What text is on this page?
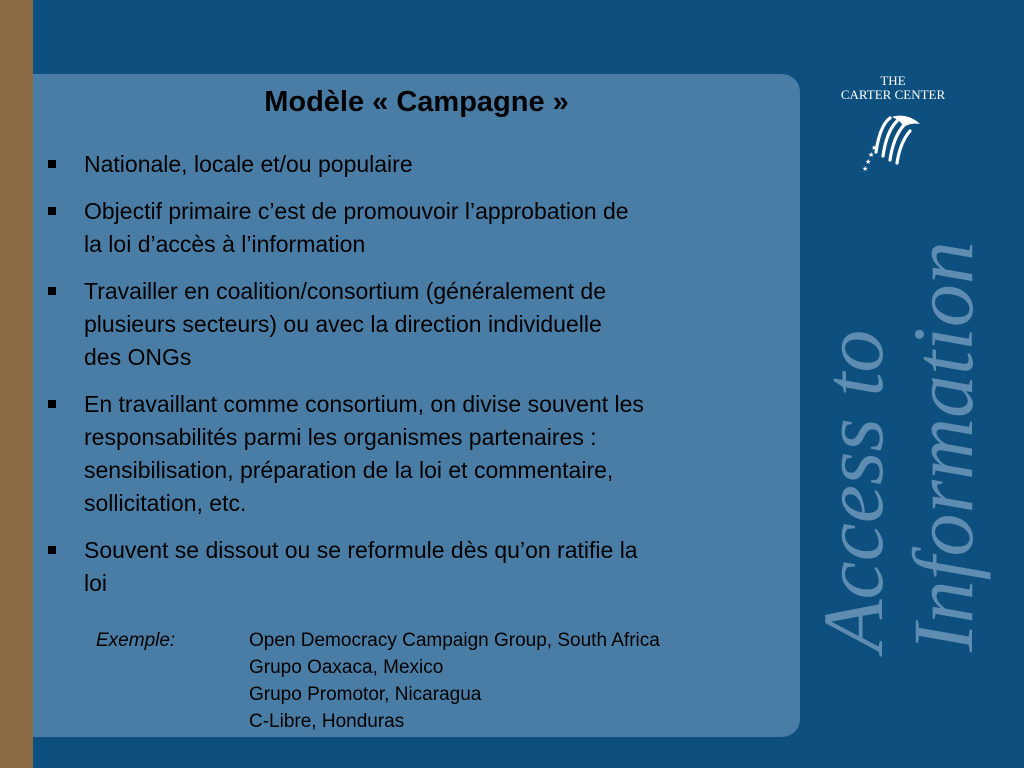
Modèle « Campagne »
Nationale, locale et/ou populaire
Objectif primaire c’est de promouvoir l’approbation de
la loi d’accès à l’information
Travailler en coalition/consortium (généralement de
plusieurs secteurs) ou avec la direction individuelle
des ONGs
En travaillant comme consortium, on divise souvent les
responsabilités parmi les organismes partenaires :
sensibilisation, préparation de la loi et commentaire,
sollicitation, etc.
Souvent se dissout ou se reformule dès qu’on ratifie la
loi
Exemple:	Open Democracy Campaign Group, South Africa
Grupo Oaxaca, Mexico
Grupo Promotor, Nicaragua
C-Libre, Honduras
THE
CARTER CENTER
★
★
★
★
Access to
Information
